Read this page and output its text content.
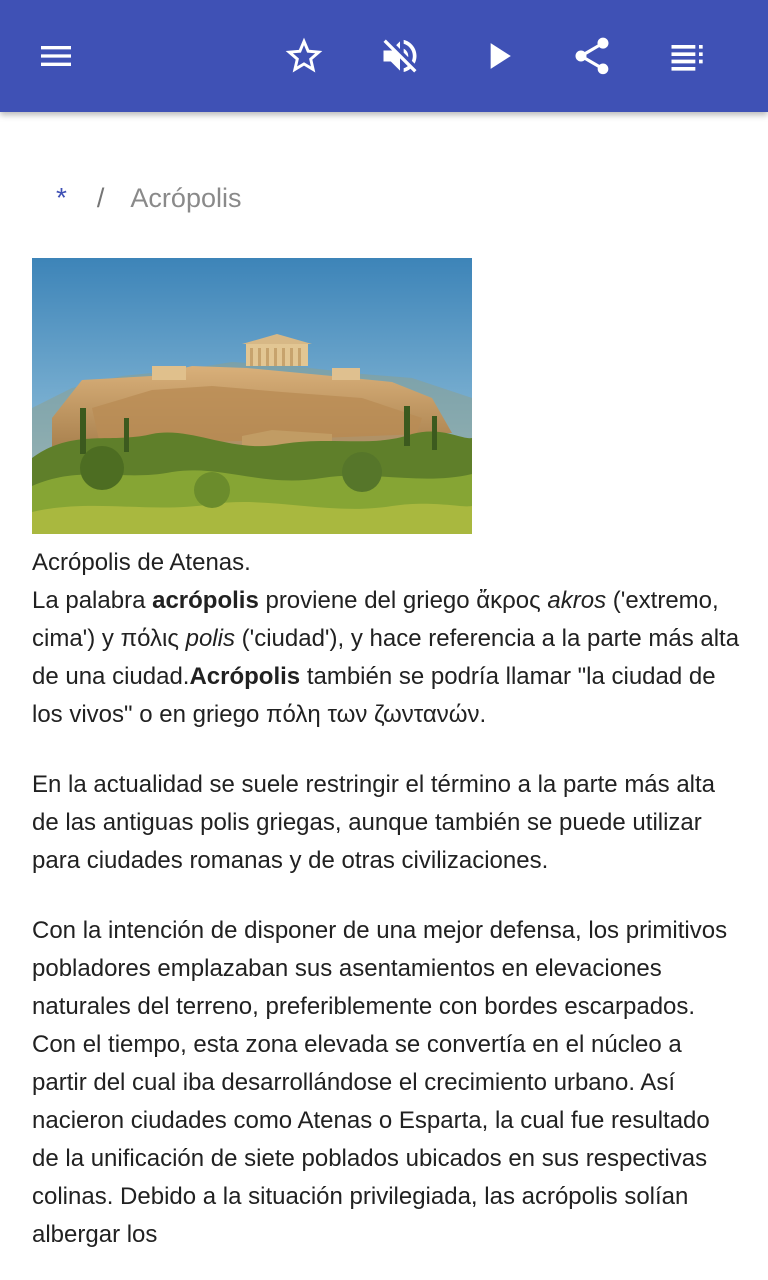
* / Acrópolis

Acrópolis de Atenas.

La palabra acrópolis proviene del griego ἄκρος akros ('extremo, cima') y πόλις polis ('ciudad'), y hace referencia a la parte más alta de una ciudad.Acrópolis también se podría llamar "la ciudad de los vivos" o en griego πόλη των ζωντανών.

En la actualidad se suele restringir el término a la parte más alta de las antiguas polis griegas, aunque también se puede utilizar para ciudades romanas y de otras civilizaciones.

Con la intención de disponer de una mejor defensa, los primitivos pobladores emplazaban sus asentamientos en elevaciones naturales del terreno, preferiblemente con bordes escarpados. Con el tiempo, esta zona elevada se convertía en el núcleo a partir del cual iba desarrollándose el crecimiento urbano. Así nacieron ciudades como Atenas o Esparta, la cual fue resultado de la unificación de siete poblados ubicados en sus respectivas colinas. Debido a la situación privilegiada, las acrópolis solían albergar los
